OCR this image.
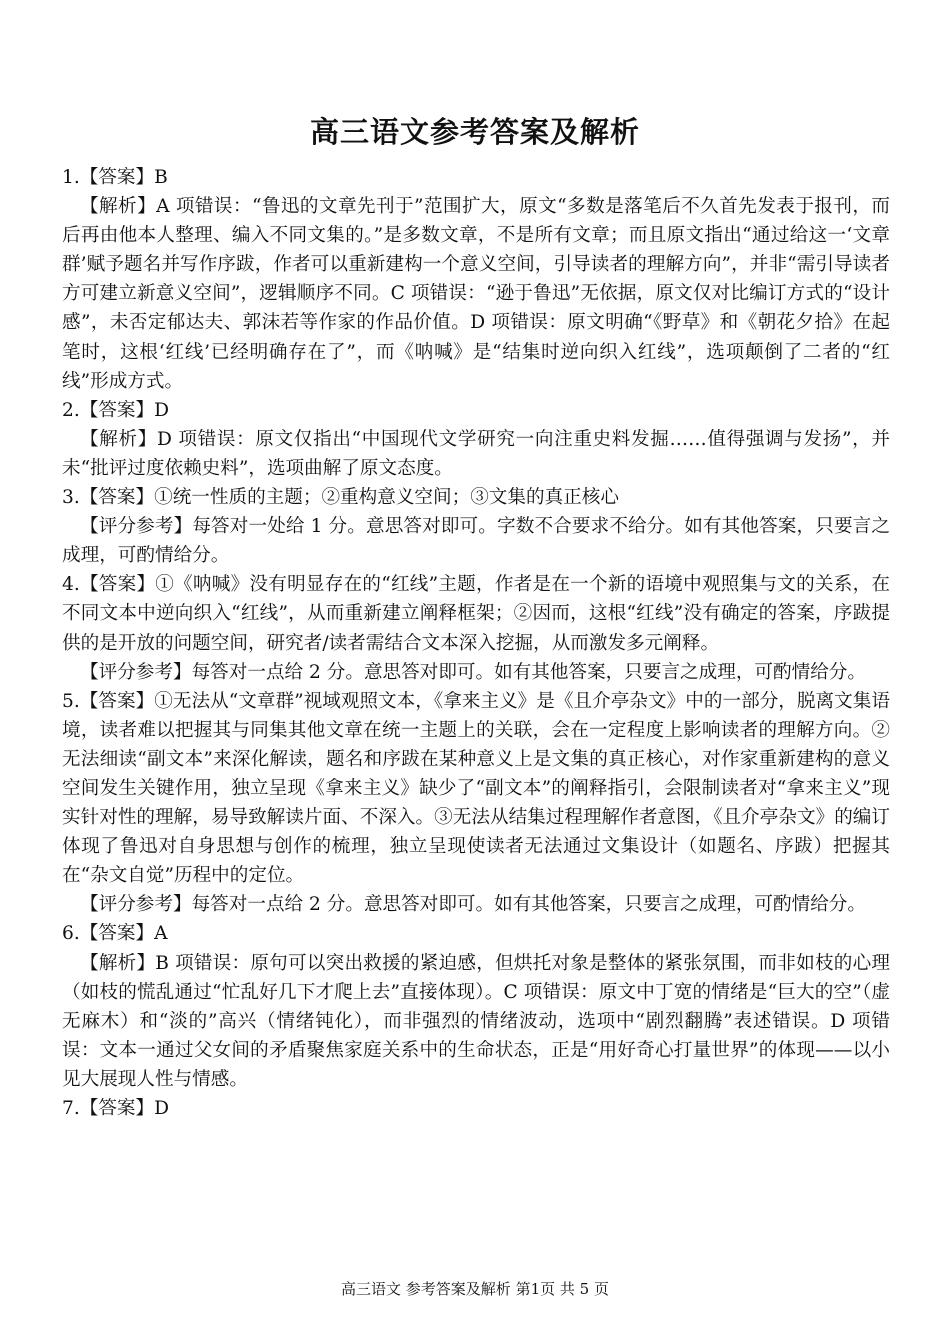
高三语文参考答案及解析

1.【答案】B

【解析】A 项错误：“鲁迅的文章先刊于”范围扩大，原文“多数是落笔后不久首先发表于报刊，而后再由他本人整理、编入不同文集的。”是多数文章，不是所有文章；而且原文指出“通过给这一‘文章群’赋予题名并写作序跋，作者可以重新建构一个意义空间，引导读者的理解方向”，并非“需引导读者方可建立新意义空间”，逻辑顺序不同。C 项错误：“逊于鲁迅”无依据，原文仅对比编订方式的“设计感”，未否定郁达夫、郭沫若等作家的作品价值。D 项错误：原文明确“《野草》和《朝花夕拾》在起笔时，这根‘红线’已经明确存在了”，而《呐喊》是“结集时逆向织入红线”，选项颠倒了二者的“红线”形成方式。

2.【答案】D

【解析】D 项错误：原文仅指出“中国现代文学研究一向注重史料发掘……值得强调与发扬”，并未“批评过度依赖史料”，选项曲解了原文态度。

3.【答案】①统一性质的主题；②重构意义空间；③文集的真正核心

【评分参考】每答对一处给 1 分。意思答对即可。字数不合要求不给分。如有其他答案，只要言之成理，可酌情给分。

4.【答案】①《呐喊》没有明显存在的“红线”主题，作者是在一个新的语境中观照集与文的关系，在不同文本中逆向织入“红线”，从而重新建立阐释框架；②因而，这根“红线”没有确定的答案，序跋提供的是开放的问题空间，研究者/读者需结合文本深入挖掘，从而激发多元阐释。

【评分参考】每答对一点给 2 分。意思答对即可。如有其他答案，只要言之成理，可酌情给分。

5.【答案】①无法从“文章群”视域观照文本，《拿来主义》是《且介亭杂文》中的一部分，脱离文集语境，读者难以把握其与同集其他文章在统一主题上的关联，会在一定程度上影响读者的理解方向。②无法细读“副文本”来深化解读，题名和序跋在某种意义上是文集的真正核心，对作家重新建构的意义空间发生关键作用，独立呈现《拿来主义》缺少了“副文本”的阐释指引，会限制读者对“拿来主义”现实针对性的理解，易导致解读片面、不深入。③无法从结集过程理解作者意图，《且介亭杂文》的编订体现了鲁迅对自身思想与创作的梳理，独立呈现使读者无法通过文集设计（如题名、序跋）把握其在“杂文自觉”历程中的定位。

【评分参考】每答对一点给 2 分。意思答对即可。如有其他答案，只要言之成理，可酌情给分。

6.【答案】A

【解析】B 项错误：原句可以突出救援的紧迫感，但烘托对象是整体的紧张氛围，而非如枝的心理（如枝的慌乱通过“忙乱好几下才爬上去”直接体现）。C 项错误：原文中丁宽的情绪是“巨大的空”（虚无麻木）和“淡的”高兴（情绪钝化），而非强烈的情绪波动，选项中“剧烈翻腾”表述错误。D 项错误：文本一通过父女间的矛盾聚焦家庭关系中的生命状态，正是“用好奇心打量世界”的体现——以小见大展现人性与情感。

7.【答案】D

高三语文 参考答案及解析 第1页 共 5 页
